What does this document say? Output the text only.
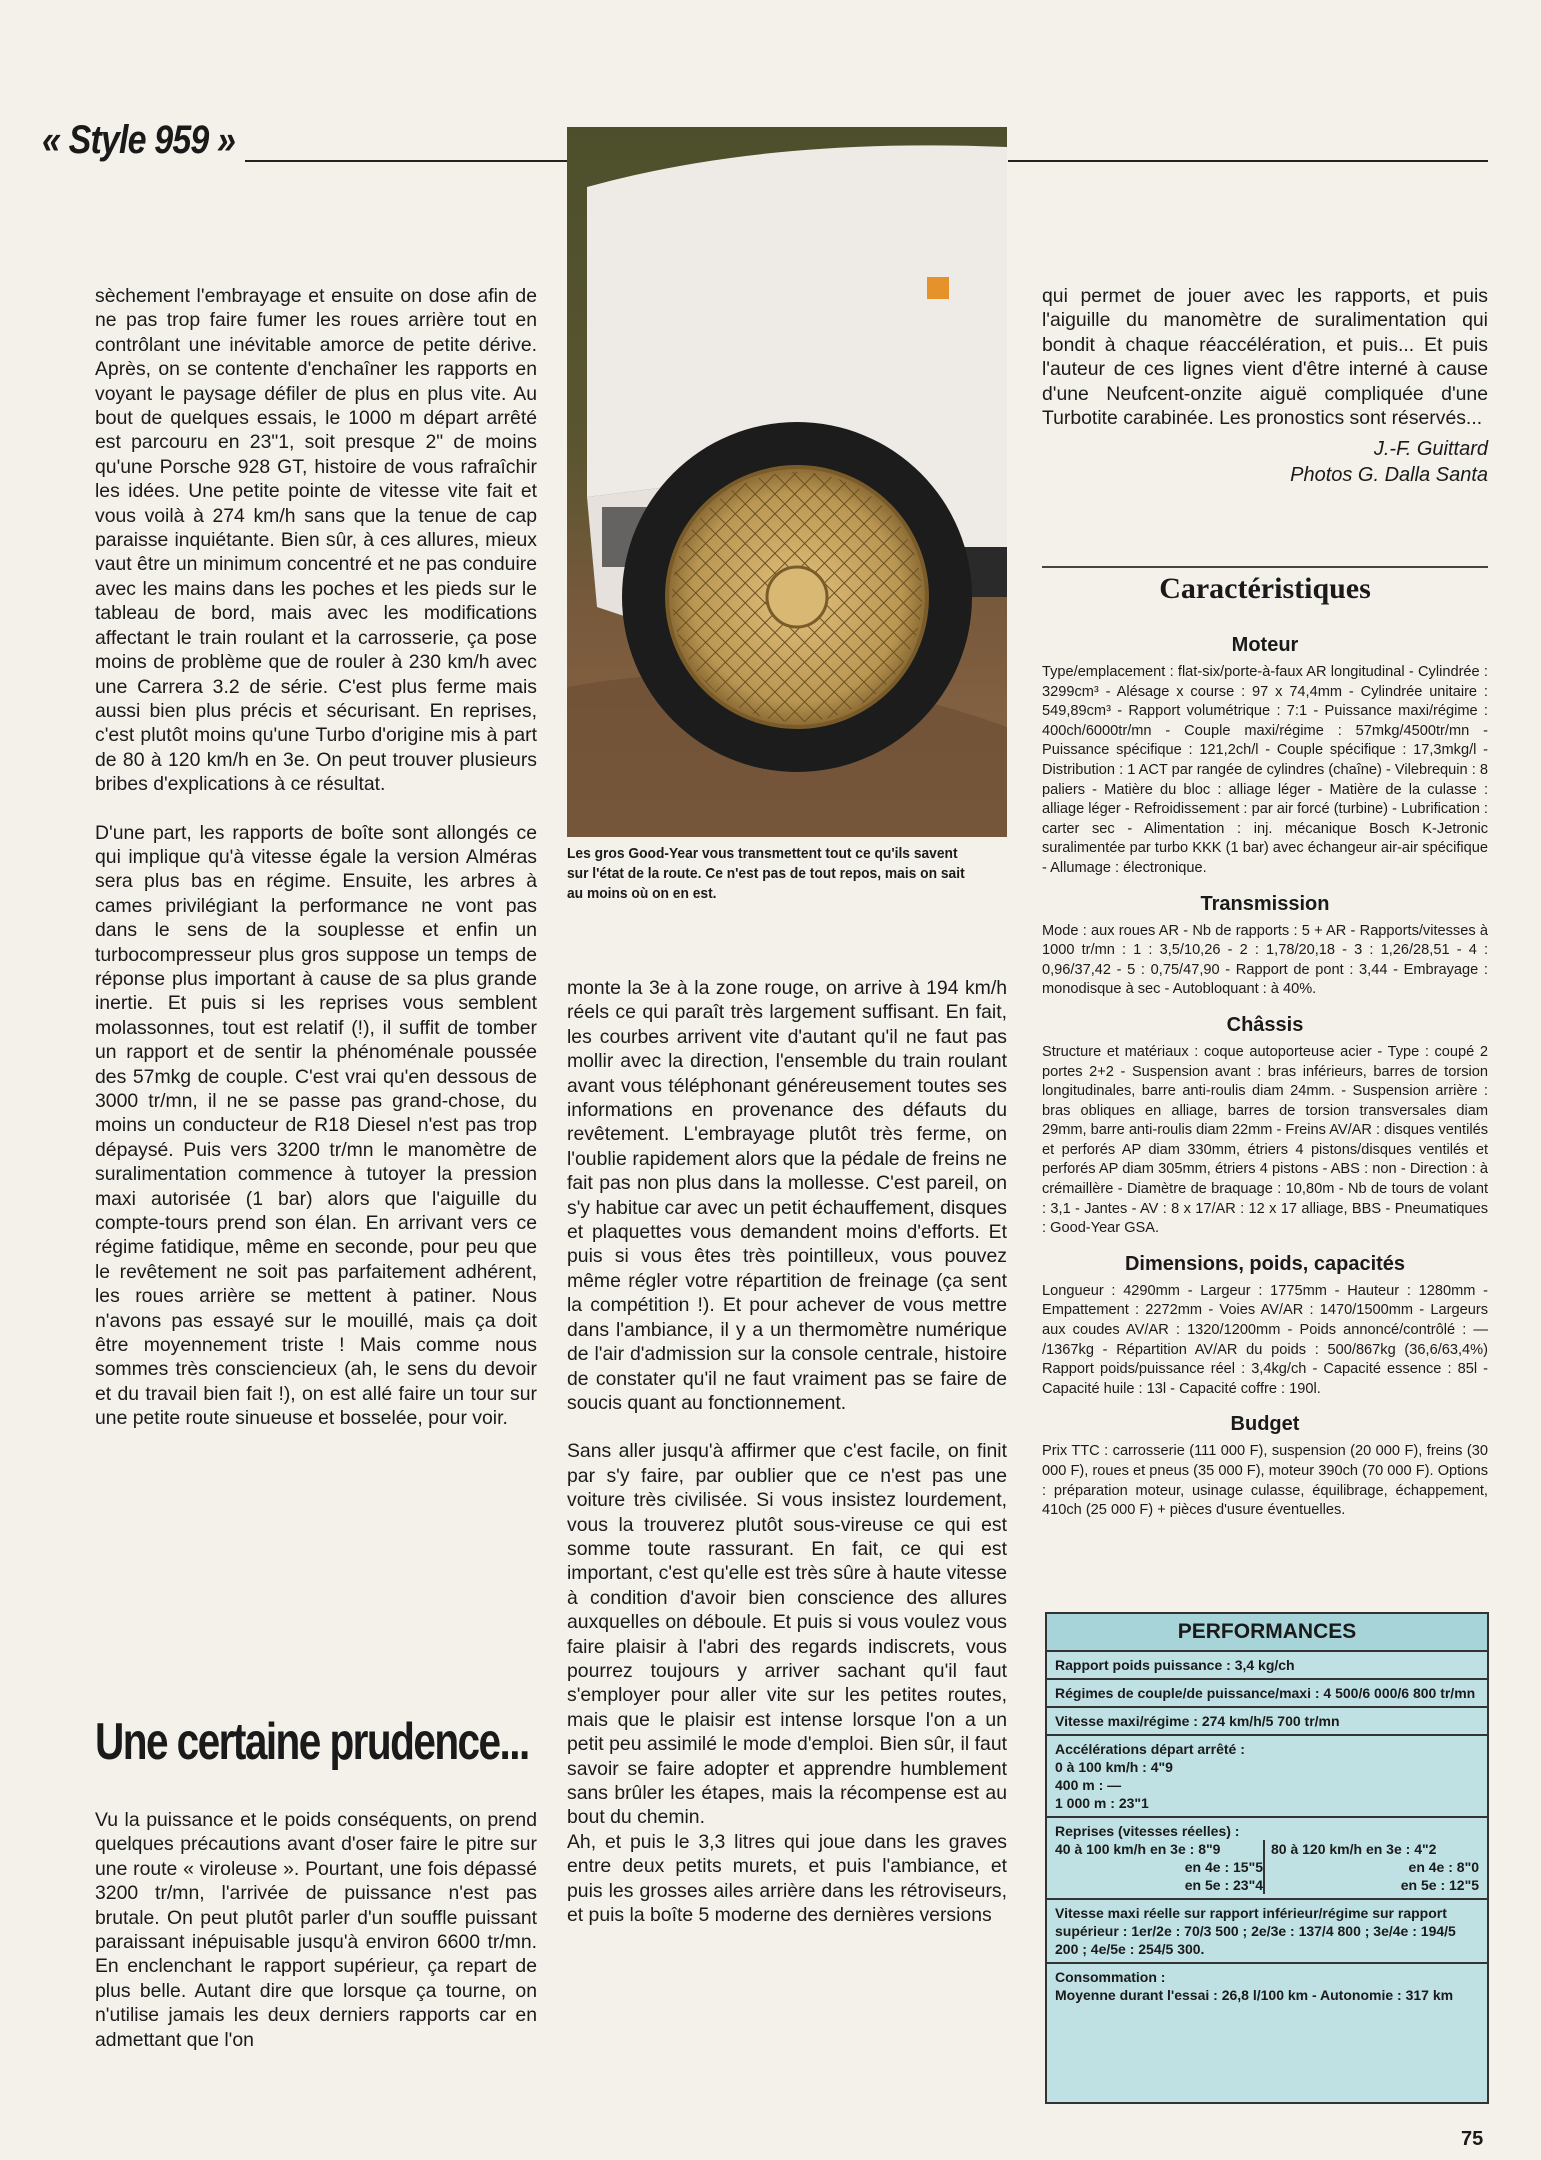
« Style 959 »

sèchement l'embrayage et ensuite on dose afin de ne pas trop faire fumer les roues arrière tout en contrôlant une inévitable amorce de petite dérive. Après, on se contente d'enchaîner les rapports en voyant le paysage défiler de plus en plus vite. Au bout de quelques essais, le 1000 m départ arrêté est parcouru en 23"1, soit presque 2" de moins qu'une Porsche 928 GT, histoire de vous rafraîchir les idées. Une petite pointe de vitesse vite fait et vous voilà à 274 km/h sans que la tenue de cap paraisse inquiétante. Bien sûr, à ces allures, mieux vaut être un minimum concentré et ne pas conduire avec les mains dans les poches et les pieds sur le tableau de bord, mais avec les modifications affectant le train roulant et la carrosserie, ça pose moins de problème que de rouler à 230 km/h avec une Carrera 3.2 de série. C'est plus ferme mais aussi bien plus précis et sécurisant. En reprises, c'est plutôt moins qu'une Turbo d'origine mis à part de 80 à 120 km/h en 3e. On peut trouver plusieurs bribes d'explications à ce résultat.

D'une part, les rapports de boîte sont allongés ce qui implique qu'à vitesse égale la version Alméras sera plus bas en régime. Ensuite, les arbres à cames privilégiant la performance ne vont pas dans le sens de la souplesse et enfin un turbocompresseur plus gros suppose un temps de réponse plus important à cause de sa plus grande inertie. Et puis si les reprises vous semblent molassonnes, tout est relatif (!), il suffit de tomber un rapport et de sentir la phénoménale poussée des 57mkg de couple. C'est vrai qu'en dessous de 3000 tr/mn, il ne se passe pas grand-chose, du moins un conducteur de R18 Diesel n'est pas trop dépaysé. Puis vers 3200 tr/mn le manomètre de suralimentation commence à tutoyer la pression maxi autorisée (1 bar) alors que l'aiguille du compte-tours prend son élan. En arrivant vers ce régime fatidique, même en seconde, pour peu que le revêtement ne soit pas parfaitement adhérent, les roues arrière se mettent à patiner. Nous n'avons pas essayé sur le mouillé, mais ça doit être moyennement triste ! Mais comme nous sommes très consciencieux (ah, le sens du devoir et du travail bien fait !), on est allé faire un tour sur une petite route sinueuse et bosselée, pour voir.

Une certaine prudence...

Vu la puissance et le poids conséquents, on prend quelques précautions avant d'oser faire le pitre sur une route « viroleuse ». Pourtant, une fois dépassé 3200 tr/mn, l'arrivée de puissance n'est pas brutale. On peut plutôt parler d'un souffle puissant paraissant inépuisable jusqu'à environ 6600 tr/mn. En enclenchant le rapport supérieur, ça repart de plus belle. Autant dire que lorsque ça tourne, on n'utilise jamais les deux derniers rapports car en admettant que l'on

Les gros Good-Year vous transmettent tout ce qu'ils savent sur l'état de la route. Ce n'est pas de tout repos, mais on sait au moins où on en est.

monte la 3e à la zone rouge, on arrive à 194 km/h réels ce qui paraît très largement suffisant. En fait, les courbes arrivent vite d'autant qu'il ne faut pas mollir avec la direction, l'ensemble du train roulant avant vous téléphonant généreusement toutes ses informations en provenance des défauts du revêtement. L'embrayage plutôt très ferme, on l'oublie rapidement alors que la pédale de freins ne fait pas non plus dans la mollesse. C'est pareil, on s'y habitue car avec un petit échauffement, disques et plaquettes vous demandent moins d'efforts. Et puis si vous êtes très pointilleux, vous pouvez même régler votre répartition de freinage (ça sent la compétition !). Et pour achever de vous mettre dans l'ambiance, il y a un thermomètre numérique de l'air d'admission sur la console centrale, histoire de constater qu'il ne faut vraiment pas se faire de soucis quant au fonctionnement.

Sans aller jusqu'à affirmer que c'est facile, on finit par s'y faire, par oublier que ce n'est pas une voiture très civilisée. Si vous insistez lourdement, vous la trouverez plutôt sous-vireuse ce qui est somme toute rassurant. En fait, ce qui est important, c'est qu'elle est très sûre à haute vitesse à condition d'avoir bien conscience des allures auxquelles on déboule. Et puis si vous voulez vous faire plaisir à l'abri des regards indiscrets, vous pourrez toujours y arriver sachant qu'il faut s'employer pour aller vite sur les petites routes, mais que le plaisir est intense lorsque l'on a un petit peu assimilé le mode d'emploi. Bien sûr, il faut savoir se faire adopter et apprendre humblement sans brûler les étapes, mais la récompense est au bout du chemin.

Ah, et puis le 3,3 litres qui joue dans les graves entre deux petits murets, et puis l'ambiance, et puis les grosses ailes arrière dans les rétroviseurs, et puis la boîte 5 moderne des dernières versions

qui permet de jouer avec les rapports, et puis l'aiguille du manomètre de suralimentation qui bondit à chaque réaccélération, et puis... Et puis l'auteur de ces lignes vient d'être interné à cause d'une Neufcent-onzite aiguë compliquée d'une Turbotite carabinée. Les pronostics sont réservés...

J.-F. Guittard
Photos G. Dalla Santa
Caractéristiques
Moteur
Type/emplacement : flat-six/porte-à-faux AR longitudinal - Cylindrée : 3299cm³ - Alésage x course : 97 x 74,4mm - Cylindrée unitaire : 549,89cm³ - Rapport volumétrique : 7:1 - Puissance maxi/régime : 400ch/6000tr/mn - Couple maxi/régime : 57mkg/4500tr/mn - Puissance spécifique : 121,2ch/l - Couple spécifique : 17,3mkg/l - Distribution : 1 ACT par rangée de cylindres (chaîne) - Vilebrequin : 8 paliers - Matière du bloc : alliage léger - Matière de la culasse : alliage léger - Refroidissement : par air forcé (turbine) - Lubrification : carter sec - Alimentation : inj. mécanique Bosch K-Jetronic suralimentée par turbo KKK (1 bar) avec échangeur air-air spécifique - Allumage : électronique.
Transmission
Mode : aux roues AR - Nb de rapports : 5 + AR - Rapports/vitesses à 1000 tr/mn : 1 : 3,5/10,26 - 2 : 1,78/20,18 - 3 : 1,26/28,51 - 4 : 0,96/37,42 - 5 : 0,75/47,90 - Rapport de pont : 3,44 - Embrayage : monodisque à sec - Autobloquant : à 40%.
Châssis
Structure et matériaux : coque autoporteuse acier - Type : coupé 2 portes 2+2 - Suspension avant : bras inférieurs, barres de torsion longitudinales, barre anti-roulis diam 24mm. - Suspension arrière : bras obliques en alliage, barres de torsion transversales diam 29mm, barre anti-roulis diam 22mm - Freins AV/AR : disques ventilés et perforés AP diam 330mm, étriers 4 pistons/disques ventilés et perforés AP diam 305mm, étriers 4 pistons - ABS : non - Direction : à crémaillère - Diamètre de braquage : 10,80m - Nb de tours de volant : 3,1 - Jantes - AV : 8 x 17/AR : 12 x 17 alliage, BBS - Pneumatiques : Good-Year GSA.
Dimensions, poids, capacités
Longueur : 4290mm - Largeur : 1775mm - Hauteur : 1280mm - Empattement : 2272mm - Voies AV/AR : 1470/1500mm - Largeurs aux coudes AV/AR : 1320/1200mm - Poids annoncé/contrôlé : — /1367kg - Répartition AV/AR du poids : 500/867kg (36,6/63,4%) Rapport poids/puissance réel : 3,4kg/ch - Capacité essence : 85l - Capacité huile : 13l - Capacité coffre : 190l.
Budget
Prix TTC : carrosserie (111 000 F), suspension (20 000 F), freins (30 000 F), roues et pneus (35 000 F), moteur 390ch (70 000 F). Options : préparation moteur, usinage culasse, équilibrage, échappement, 410ch (25 000 F) + pièces d'usure éventuelles.
PERFORMANCES
Rapport poids puissance : 3,4 kg/ch
Régimes de couple/de puissance/maxi : 4 500/6 000/6 800 tr/mn
Vitesse maxi/régime : 274 km/h/5 700 tr/mn
Accélérations départ arrêté :
0 à 100 km/h : 4"9
400 m : —
1 000 m : 23"1
Reprises (vitesses réelles) :
40 à 100 km/h en 3e : 8"9
en 4e : 15"5
en 5e : 23"4
80 à 120 km/h en 3e : 4"2
en 4e : 8"0
en 5e : 12"5
Vitesse maxi réelle sur rapport inférieur/régime sur rapport supérieur : 1er/2e : 70/3 500 ; 2e/3e : 137/4 800 ; 3e/4e : 194/5 200 ; 4e/5e : 254/5 300.
Consommation :
Moyenne durant l'essai : 26,8 l/100 km - Autonomie : 317 km
75
